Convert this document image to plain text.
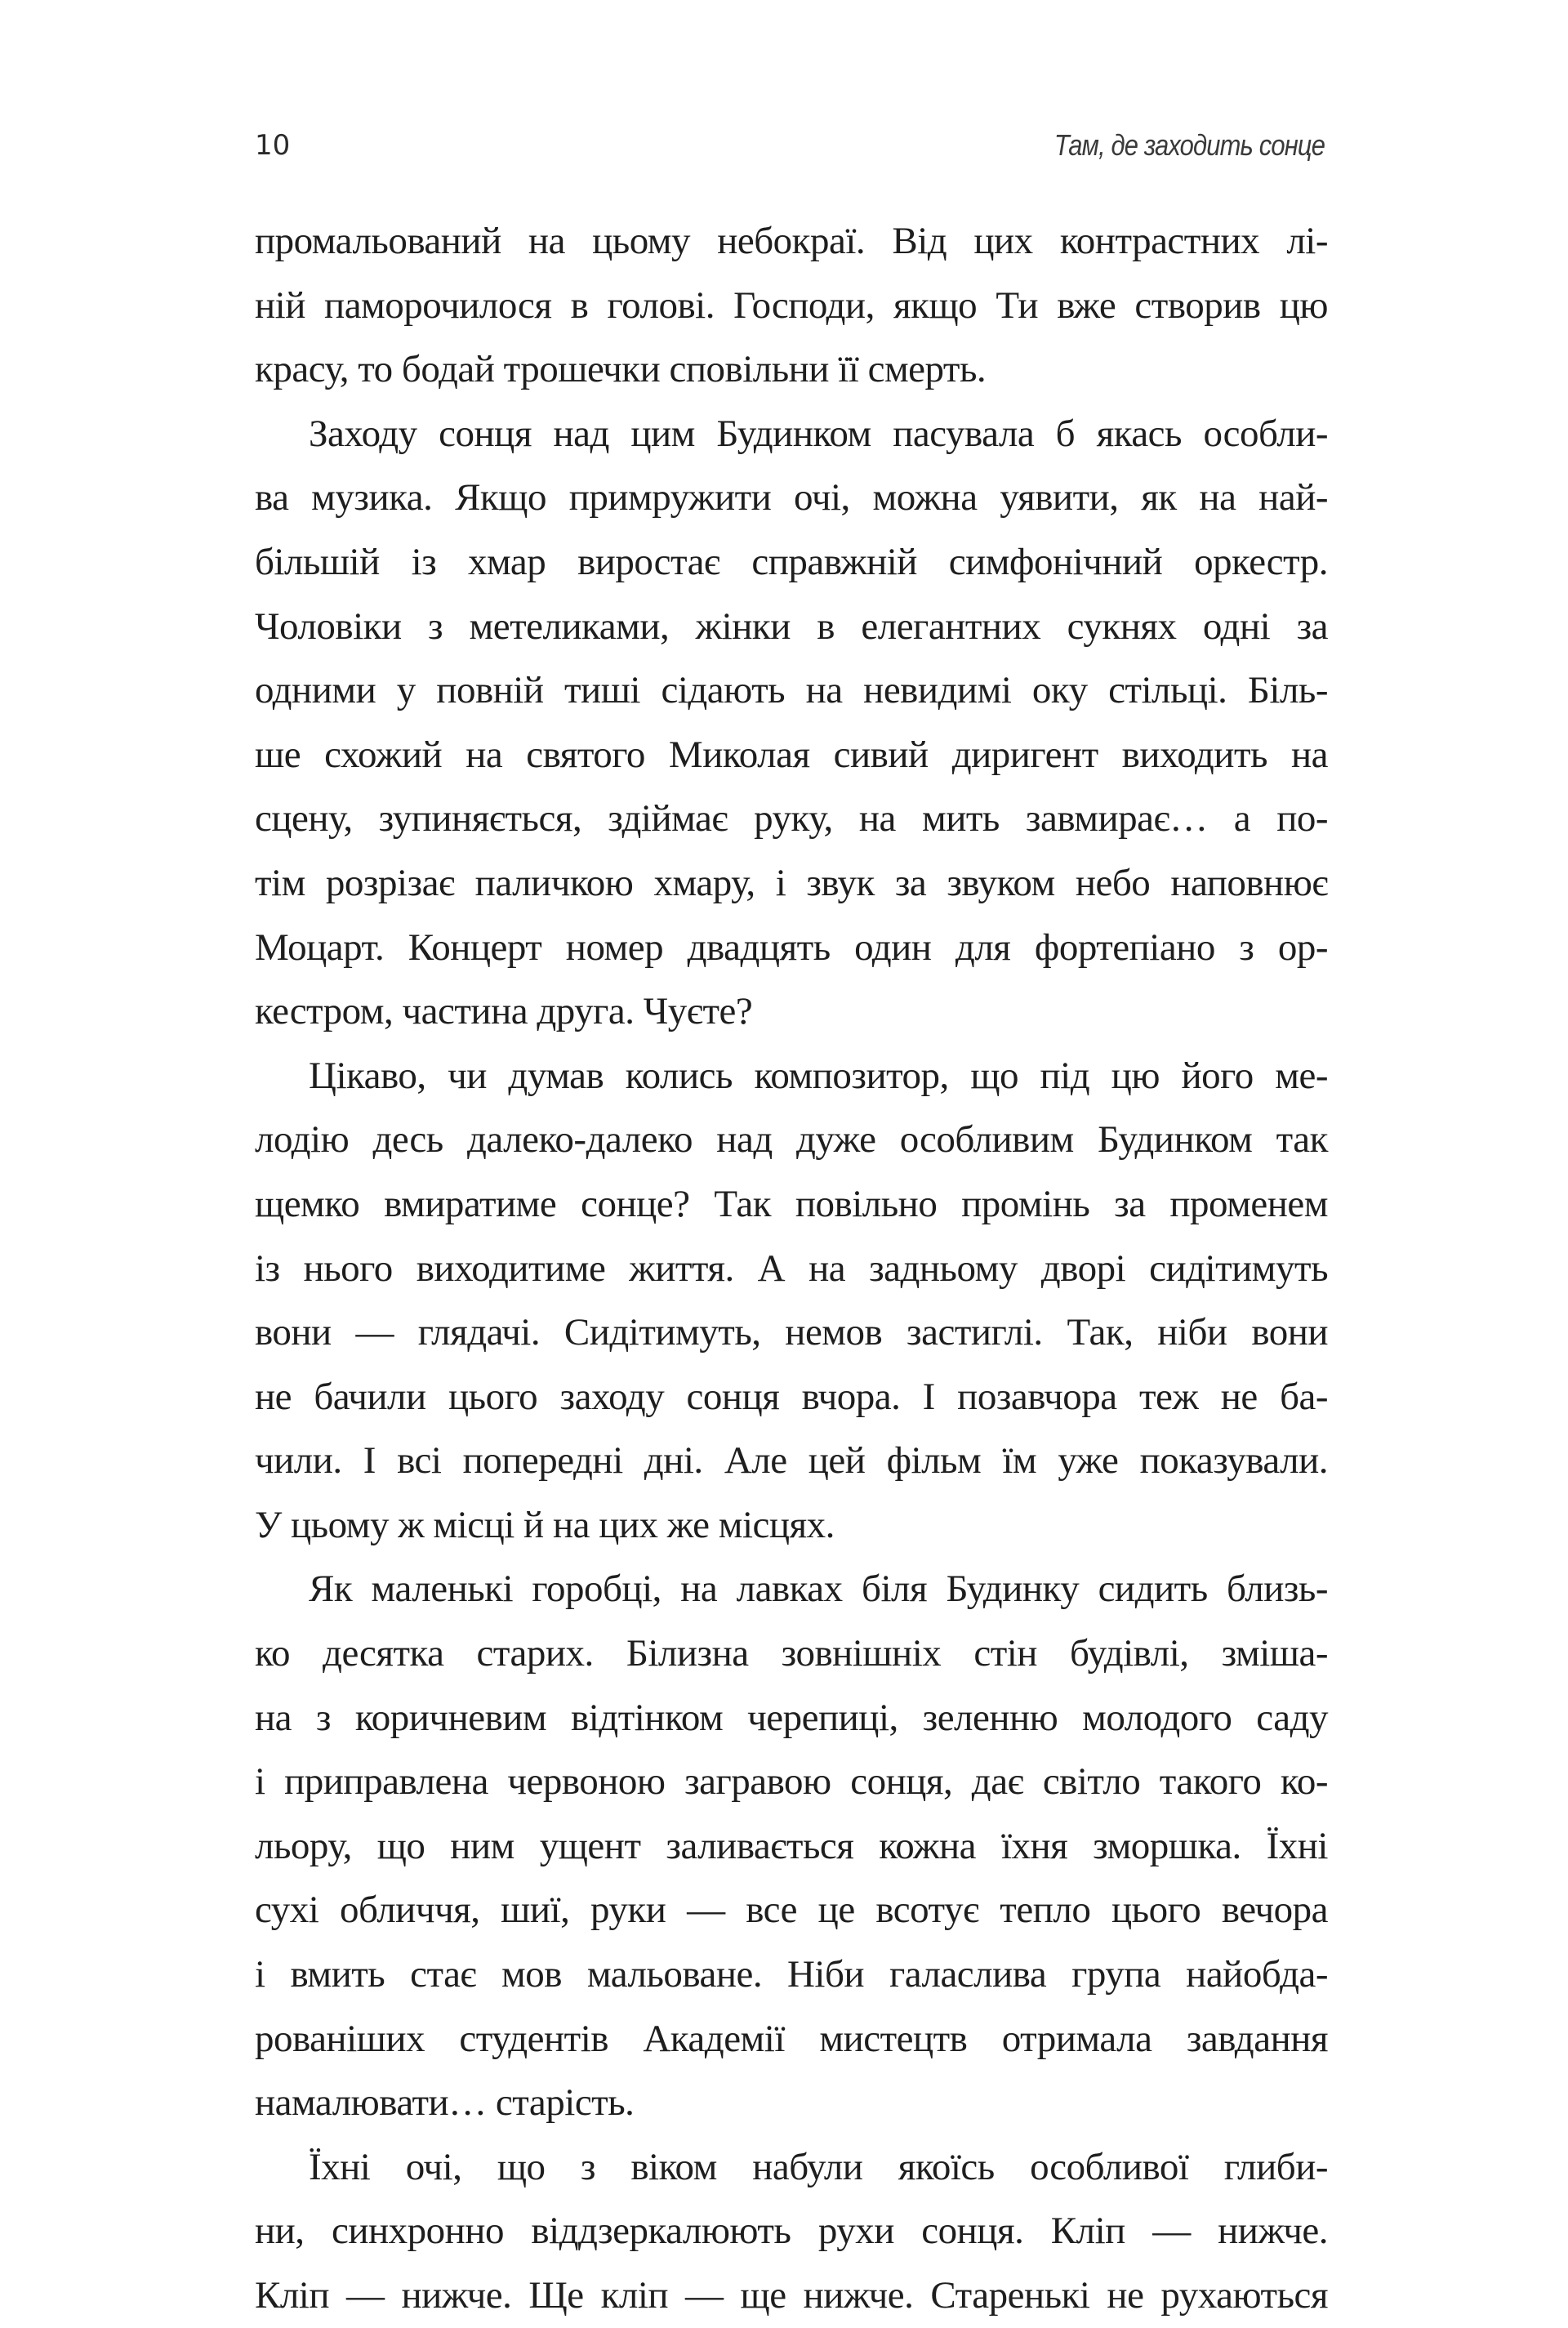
10	Там, де заходить сонце
промальований на цьому небокраї. Від цих контрастних лі-
ній паморочилося в голові. Господи, якщо Ти вже створив цю
красу, то бодай трошечки сповільни її смерть.
Заходу сонця над цим Будинком пасувала б якась особли-
ва музика. Якщо примружити очі, можна уявити, як на най-
більшій із хмар виростає справжній симфонічний оркестр.
Чоловіки з метеликами, жінки в елегантних сукнях одні за
одними у повній тиші сідають на невидимі оку стільці. Біль-
ше схожий на святого Миколая сивий диригент виходить на
сцену, зупиняється, здіймає руку, на мить завмирає… а по-
тім розрізає паличкою хмару, і звук за звуком небо наповнює
Моцарт. Концерт номер двадцять один для фортепіано з ор-
кестром, частина друга. Чуєте?
Цікаво, чи думав колись композитор, що під цю його ме-
лодію десь далеко-далеко над дуже особливим Будинком так
щемко вмиратиме сонце? Так повільно промінь за променем
із нього виходитиме життя. А на задньому дворі сидітимуть
вони — глядачі. Сидітимуть, немов застиглі. Так, ніби вони
не бачили цього заходу сонця вчора. І позавчора теж не ба-
чили. І всі попередні дні. Але цей фільм їм уже показували.
У цьому ж місці й на цих же місцях.
Як маленькі горобці, на лавках біля Будинку сидить близь-
ко десятка старих. Білизна зовнішніх стін будівлі, зміша-
на з коричневим відтінком черепиці, зеленню молодого саду
і приправлена червоною загравою сонця, дає світло такого ко-
льору, що ним ущент заливається кожна їхня зморшка. Їхні
сухі обличчя, шиї, руки — все це всотує тепло цього вечора
і вмить стає мов мальоване. Ніби галаслива група найобда-
рованіших студентів Академії мистецтв отримала завдання
намалювати… старість.
Їхні очі, що з віком набули якоїсь особливої глиби-
ни, синхронно віддзеркалюють рухи сонця. Кліп — нижче.
Кліп — нижче. Ще кліп — ще нижче. Старенькі не рухаються
